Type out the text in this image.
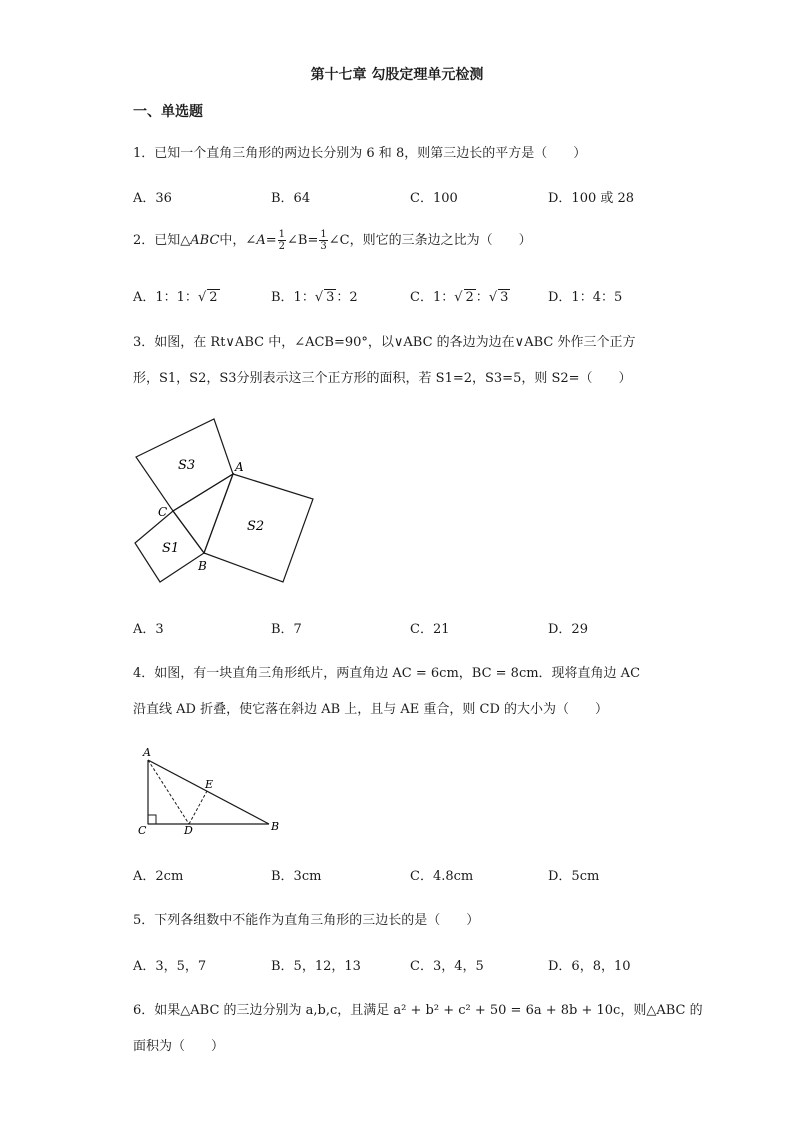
第十七章 勾股定理单元检测
一、单选题
1．已知一个直角三角形的两边长分别为 6 和 8，则第三边长的平方是（　　）
A．36	B．64	C．100	D．100 或 28
2．已知△ABC中，∠A= $\frac{1}{2}$ ∠B= $\frac{1}{3}$ ∠C，则它的三条边之比为（　　）
A．1：1：√ 2	B．1：√ 3 ：2	C．1：√ 2 ：√ 3	D．1：4：5
3．如图，在 Rt∨ABC 中，∠ACB=90°，以∨ABC 的各边为边在∨ABC 外作三个正方
形，S1，S2，S3分别表示这三个正方形的面积，若 S1=2，S3=5，则 S2=（　　）
S3
S2
S1
A
C
B
A．3	B．7	C．21	D．29
4．如图，有一块直角三角形纸片，两直角边 AC = 6cm，BC = 8cm．现将直角边 AC
沿直线 AD 折叠，使它落在斜边 AB 上，且与 AE 重合，则 CD 的大小为（　　）
A
C	D
E
B
A．2cm	B．3cm	C．4.8cm	D．5cm
5．下列各组数中不能作为直角三角形的三边长的是（　　）
A．3，5，7	B．5，12，13	C．3，4，5	D．6，8，10
6．如果△ABC 的三边分别为 a,b,c，且满足 a² + b² + c² + 50 = 6a + 8b + 10c，则△ABC 的
面积为（　　）
